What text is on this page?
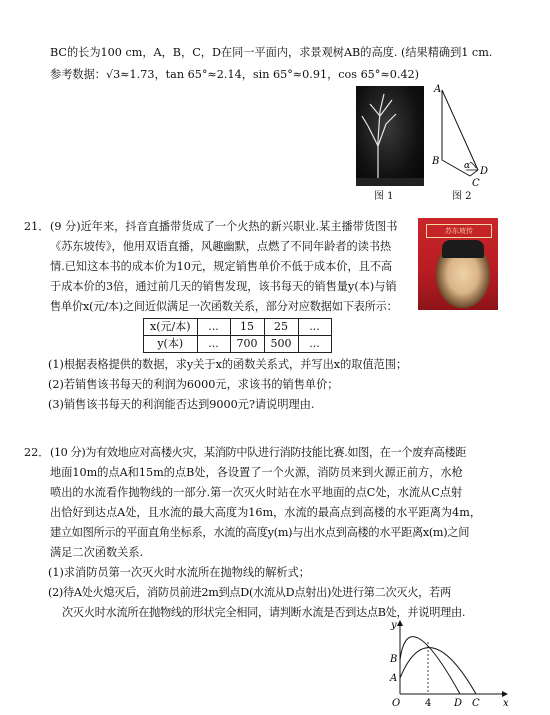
BC的长为100 cm，A，B，C，D在同一平面内，求景观树AB的高度. (结果精确到1 cm.
参考数据：√3≈1.73，tan 65°≈2.14，sin 65°≈0.91，cos 65°≈0.42)
图 1
A
B
D
C
α
图 2
21． (9 分)近年来，抖音直播带货成了一个火热的新兴职业.某主播带货图书
《苏东坡传》，他用双语直播，风趣幽默，点燃了不同年龄者的读书热
情.已知这本书的成本价为10元，规定销售单价不低于成本价，且不高
于成本价的3倍，通过前几天的销售发现，该书每天的销售量y(本)与销
售单价x(元/本)之间近似满足一次函数关系，部分对应数据如下表所示：
苏东坡传
x(元/本)	...	15	25	...
y(本)	...	700	500	...
(1)根据表格提供的数据，求y关于x的函数关系式，并写出x的取值范围；
(2)若销售该书每天的利润为6000元，求该书的销售单价；
(3)销售该书每天的利润能否达到9000元?请说明理由.
22． (10 分)为有效地应对高楼火灾，某消防中队进行消防技能比赛.如图，在一个废弃高楼距
地面10m的点A和15m的点B处，各设置了一个火源，消防员来到火源正前方，水枪
喷出的水流看作抛物线的一部分.第一次灭火时站在水平地面的点C处，水流从C点射
出恰好到达点A处，且水流的最大高度为16m，水流的最高点到高楼的水平距离为4m，
建立如图所示的平面直角坐标系，水流的高度y(m)与出水点到高楼的水平距离x(m)之间
满足二次函数关系.
(1)求消防员第一次灭火时水流所在抛物线的解析式；
(2)待A处火熄灭后，消防员前进2m到点D(水流从D点射出)处进行第二次灭火，若两
次灭火时水流所在抛物线的形状完全相同，请判断水流是否到达点B处，并说明理由.
y
x
O
A
B
4 D C
